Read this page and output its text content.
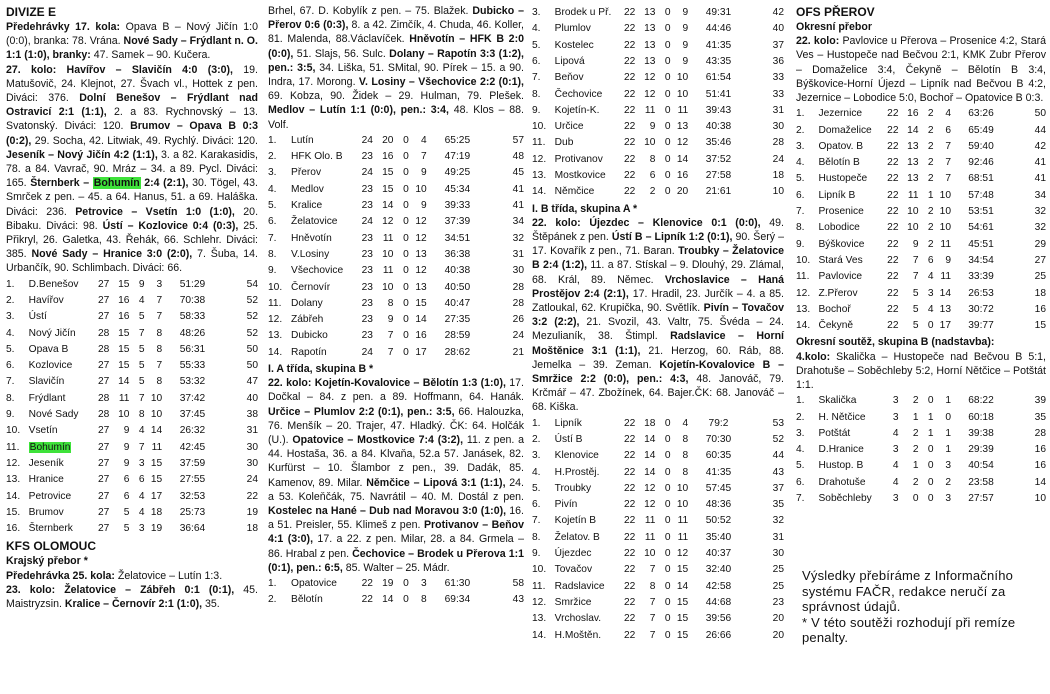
DIVIZE E

Předehrávky 17. kola: Opava B – Nový Jičín 1:0 (0:0), branka: 78. Vrána. Nové Sady – Frýdlant n. O. 1:1 (1:0), branky: 47. Samek – 90. Kučera.

27. kolo: Havířov – Slavičín 4:0 (3:0), 19. Matušovič, 24. Klejnot, 27. Švach vl., Hottek z pen. Diváci: 376. Dolní Benešov – Frýdlant nad Ostravicí 2:1 (1:1), 2. a 83. Rychnovský – 13. Svatonský. Diváci: 120. Brumov – Opava B 0:3 (0:2), 29. Socha, 42. Litwiak, 49. Rychlý. Diváci: 120. Jeseník – Nový Jičín 4:2 (1:1), 3. a 82. Karakasidis, 78. a 84. Vavrač, 90. Mráz – 34. a 89. Pycl. Diváci: 165. Šternberk – Bohumín 2:4 (2:1), 30. Tögel, 43. Smrček z pen. – 45. a 64. Hanus, 51. a 69. Haláška. Diváci: 236. Petrovice – Vsetín 1:0 (1:0), 20. Bibaku. Diváci: 98. Ústí – Kozlovice 0:4 (0:3), 25. Přikryl, 26. Galetka, 43. Řehák, 66. Schlehr. Diváci: 385. Nové Sady – Hranice 3:0 (2:0), 7. Šuba, 14. Urbančík, 90. Schlimbach. Diváci: 66.

1.	D.Benešov	27	15	9	3	51:29	54
2.	Havířov	27	16	4	7	70:38	52
3.	Ústí	27	16	5	7	58:33	52
4.	Nový Jičín	28	15	7	8	48:26	52
5.	Opava B	28	15	5	8	56:31	50
6.	Kozlovice	27	15	5	7	55:33	50
7.	Slavičín	27	14	5	8	53:32	47
8.	Frýdlant	28	11	7	10	37:42	40
9.	Nové Sady	28	10	8	10	37:45	38
10.	Vsetín	27	9	4	14	26:32	31
11.	Bohumín	27	9	7	11	42:45	30
12.	Jeseník	27	9	3	15	37:59	30
13.	Hranice	27	6	6	15	27:55	24
14.	Petrovice	27	6	4	17	32:53	22
15.	Brumov	27	5	4	18	25:73	19
16.	Šternberk	27	5	3	19	36:64	18
KFS OLOMOUC
Krajský přebor *

Předehrávka 25. kola: Želatovice – Lutín 1:3.

23. kolo: Želatovice – Zábřeh 0:1 (0:1), 45. Maistryzsin. Kralice – Černovír 2:1 (1:0), 35.

Brhel, 67. D. Kobylík z pen. – 75. Blažek. Dubicko – Přerov 0:6 (0:3), 8. a 42. Zimčík, 4. Chuda, 46. Koller, 81. Malenda, 88.Václavíček. Hněvotín – HFK B 2:0 (0:0), 51. Slajs, 56. Sulc. Dolany – Rapotín 3:3 (1:2), pen.: 3:5, 34. Liška, 51. SMital, 90. Pírek – 15. a 90. Indra, 17. Morong. V. Losiny – Všechovice 2:2 (0:1), 69. Kobza, 90. Židek – 29. Hulman, 79. Plešek. Medlov – Lutín 1:1 (0:0), pen.: 3:4, 48. Klos – 88. Volf.

1.	Lutín	24	20	0	4	65:25	57
2.	HFK Olo. B	23	16	0	7	47:19	48
3.	Přerov	24	15	0	9	49:25	45
4.	Medlov	23	15	0	10	45:34	41
5.	Kralice	23	14	0	9	39:33	41
6.	Želatovice	24	12	0	12	37:39	34
7.	Hněvotín	23	11	0	12	34:51	32
8.	V.Losiny	23	10	0	13	36:38	31
9.	Všechovice	23	11	0	12	40:38	30
10.	Černovír	23	10	0	13	40:50	28
11.	Dolany	23	8	0	15	40:47	28
12.	Zábřeh	23	9	0	14	27:35	26
13.	Dubicko	23	7	0	16	28:59	24
14.	Rapotín	24	7	0	17	28:62	21
I. A třída, skupina B *

22. kolo: Kojetín-Kovalovice – Bělotín 1:3 (1:0), 17. Dočkal – 84. z pen. a 89. Hoffmann, 64. Hanák. Určice – Plumlov 2:2 (0:1), pen.: 3:5, 66. Halouzka, 76. Menšík – 20. Trajer, 47. Hladký. ČK: 64. Holčák (U.). Opatovice – Mostkovice 7:4 (3:2), 11. z pen. a 44. Hostaša, 36. a 84. Klvaňa, 52.a 57. Janásek, 82. Kurfürst – 10. Šlambor z pen., 39. Dadák, 85. Kamenov, 89. Milar. Němčice – Lipová 3:1 (1:1), 24. a 53. Koleňčák, 75. Navrátil – 40. M. Dostál z pen. Kostelec na Hané – Dub nad Moravou 3:0 (1:0), 16. a 51. Preisler, 55. Klimeš z pen. Protivanov – Beňov 4:1 (3:0), 17. a 22. z pen. Milar, 28. a 84. Grmela – 86. Hrabal z pen. Čechovice – Brodek u Přerova 1:1 (0:1), pen.: 6:5, 85. Walter – 25. Mádr.

1.	Opatovice	22	19	0	3	61:30	58
2.	Bělotín	22	14	0	8	69:34	43
3.	Brodek u Př.	22	13	0	9	49:31	42
4.	Plumlov	22	13	0	9	44:46	40
5.	Kostelec	22	13	0	9	41:35	37
6.	Lipová	22	13	0	9	43:35	36
7.	Beňov	22	12	0	10	61:54	33
8.	Čechovice	22	12	0	10	51:41	33
9.	Kojetín-K.	22	11	0	11	39:43	31
10.	Určice	22	9	0	13	40:38	30
11.	Dub	22	10	0	12	35:46	28
12.	Protivanov	22	8	0	14	37:52	24
13.	Mostkovice	22	6	0	16	27:58	18
14.	Němčice	22	2	0	20	21:61	10
I. B třída, skupina A *

22. kolo: Újezdec – Klenovice 0:1 (0:0), 49. Štěpánek z pen. Ústí B – Lipník 1:2 (0:1), 90. Šerý – 17. Kovařík z pen., 71. Baran. Troubky – Želatovice B 2:4 (1:2), 11. a 87. Stískal – 9. Dlouhý, 29. Zlámal, 68. Král, 89. Němec. Vrchoslavice – Haná Prostějov 2:4 (2:1), 17. Hradil, 23. Jurčík – 4. a 85. Zatloukal, 62. Krupička, 90. Světlík. Pivín – Tovačov 3:2 (2:2), 21. Svozil, 43. Valtr, 75. Švéda – 24. Mezulianík, 38. Štimpl. Radslavice – Horní Moštěnice 3:1 (1:1), 21. Herzog, 60. Ráb, 88. Jemelka – 39. Zeman. Kojetín-Kovalovice B – Smržice 2:2 (0:0), pen.: 4:3, 48. Janováč, 79. Krčmář – 47. Zbožínek, 64. Bajer.ČK: 68. Janováč – 68. Kiška.

1.	Lipník	22	18	0	4	79:2	53
2.	Ústí B	22	14	0	8	70:30	52
3.	Klenovice	22	14	0	8	60:35	44
4.	H.Prostěj.	22	14	0	8	41:35	43
5.	Troubky	22	12	0	10	57:45	37
6.	Pivín	22	12	0	10	48:36	35
7.	Kojetín B	22	11	0	11	50:52	32
8.	Želatov. B	22	11	0	11	35:40	31
9.	Újezdec	22	10	0	12	40:37	30
10.	Tovačov	22	7	0	15	32:40	25
11.	Radslavice	22	8	0	14	42:58	25
12.	Smržice	22	7	0	15	44:68	23
13.	Vrchoslav.	22	7	0	15	39:56	20
14.	H.Moštěn.	22	7	0	15	26:66	20
OFS PŘEROV
Okresní přebor

22. kolo: Pavlovice u Přerova – Prosenice 4:2, Stará Ves – Hustopeče nad Bečvou 2:1, KMK Zubr Přerov – Domaželice 3:4, Čekyně – Bělotín B 3:4, Býškovice-Horní Újezd – Lipník nad Bečvou B 4:2, Jezernice – Lobodice 5:0, Bochoř – Opatovice B 0:3.

1.	Jezernice	22	16	2	4	63:26	50
2.	Domaželice	22	14	2	6	65:49	44
3.	Opatov. B	22	13	2	7	59:40	42
4.	Bělotín B	22	13	2	7	92:46	41
5.	Hustopeče	22	13	2	7	68:51	41
6.	Lipník B	22	11	1	10	57:48	34
7.	Prosenice	22	10	2	10	53:51	32
8.	Lobodice	22	10	2	10	54:61	32
9.	Býškovice	22	9	2	11	45:51	29
10.	Stará Ves	22	7	6	9	34:54	27
11.	Pavlovice	22	7	4	11	33:39	25
12.	Z.Přerov	22	5	3	14	26:53	18
13.	Bochoř	22	5	4	13	30:72	16
14.	Čekyně	22	5	0	17	39:77	15
Okresní soutěž, skupina B (nadstavba):

4.kolo: Skalička – Hustopeče nad Bečvou B 5:1, Drahotuše – Soběchleby 5:2, Horní Nětčice – Potštát 1:1.

1.	Skalička	3	2	0	1	68:22	39
2.	H. Nětčice	3	1	1	0	60:18	35
3.	Potštát	4	2	1	1	39:38	28
4.	D.Hranice	3	2	0	1	29:39	16
5.	Hustop. B	4	1	0	3	40:54	16
6.	Drahotuše	4	2	0	2	23:58	14
7.	Soběchleby	3	0	0	3	27:57	10
Výsledky přebíráme z Informačního systému FAČR, redakce neručí za správnost údajů.
* V této soutěži rozhodují při remíze penalty.
